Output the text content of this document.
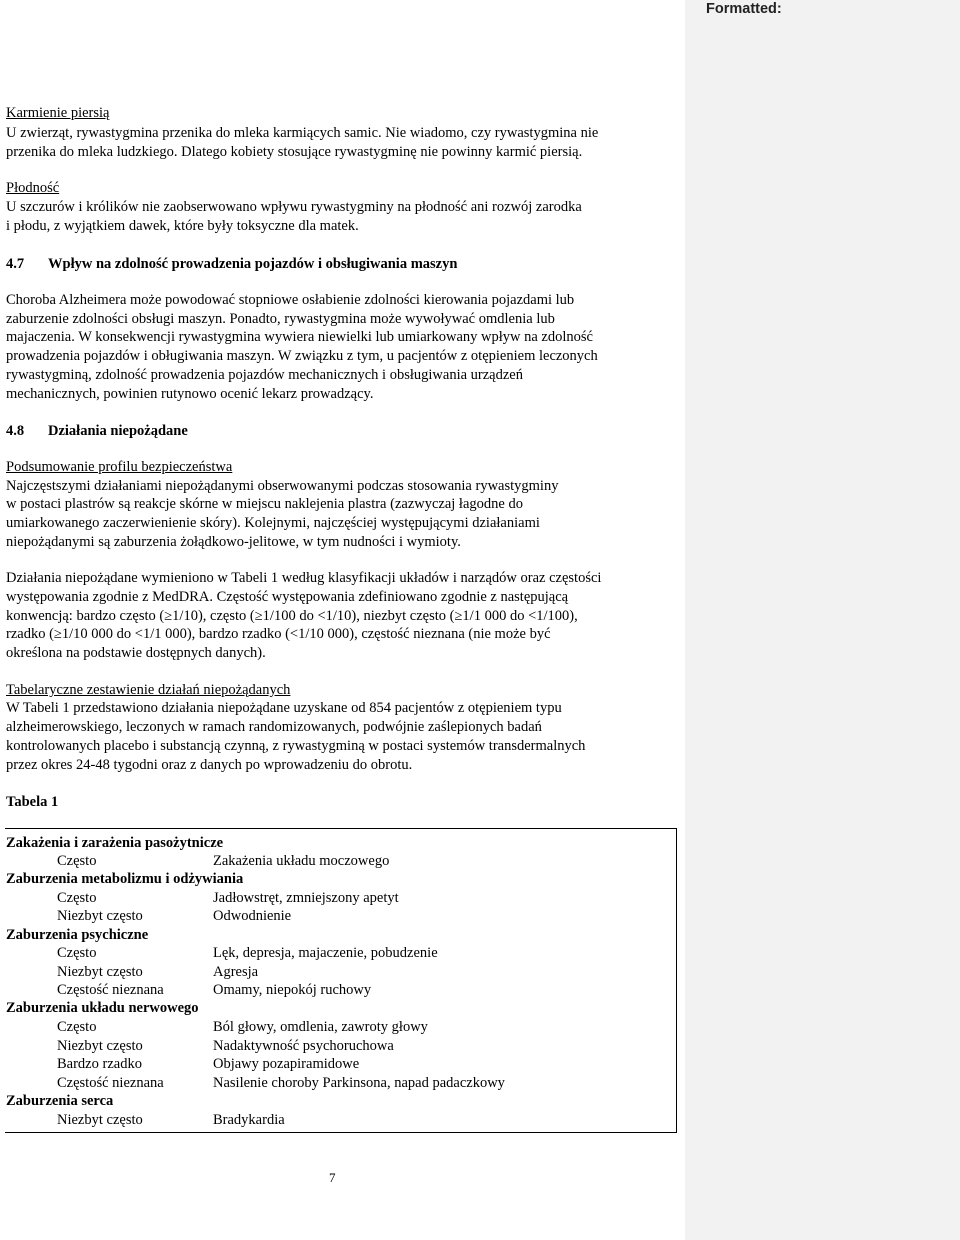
Karmienie piersią
U zwierząt, rywastygmina przenika do mleka karmiących samic. Nie wiadomo, czy rywastygmina nie
przenika do mleka ludzkiego. Dlatego kobiety stosujące rywastygminę nie powinny karmić piersią.
Płodność
U szczurów i królików nie zaobserwowano wpływu rywastygminy na płodność ani rozwój zarodka
i płodu, z wyjątkiem dawek, które były toksyczne dla matek.
4.7 Wpływ na zdolność prowadzenia pojazdów i obsługiwania maszyn
Choroba Alzheimera może powodować stopniowe osłabienie zdolności kierowania pojazdami lub
zaburzenie zdolności obsługi maszyn. Ponadto, rywastygmina może wywoływać omdlenia lub
majaczenia. W konsekwencji rywastygmina wywiera niewielki lub umiarkowany wpływ na zdolność
prowadzenia pojazdów i obługiwania maszyn. W związku z tym, u pacjentów z otępieniem leczonych
rywastygminą, zdolność prowadzenia pojazdów mechanicznych i obsługiwania urządzeń
mechanicznych, powinien rutynowo ocenić lekarz prowadzący.
4.8 Działania niepożądane
Podsumowanie profilu bezpieczeństwa
Najczęstszymi działaniami niepożądanymi obserwowanymi podczas stosowania rywastygminy
w postaci plastrów są reakcje skórne w miejscu naklejenia plastra (zazwyczaj łagodne do
umiarkowanego zaczerwienienie skóry). Kolejnymi, najczęściej występującymi działaniami
niepożądanymi są zaburzenia żołądkowo-jelitowe, w tym nudności i wymioty.
Działania niepożądane wymieniono w Tabeli 1 według klasyfikacji układów i narządów oraz częstości
występowania zgodnie z MedDRA. Częstość występowania zdefiniowano zgodnie z następującą
konwencją: bardzo często (≥1/10), często (≥1/100 do <1/10), niezbyt często (≥1/1 000 do <1/100),
rzadko (≥1/10 000 do <1/1 000), bardzo rzadko (<1/10 000), częstość nieznana (nie może być
określona na podstawie dostępnych danych).
Tabelaryczne zestawienie działań niepożądanych
W Tabeli 1 przedstawiono działania niepożądane uzyskane od 854 pacjentów z otępieniem typu
alzheimerowskiego, leczonych w ramach randomizowanych, podwójnie zaślepionych badań
kontrolowanych placebo i substancją czynną, z rywastygminą w postaci systemów transdermalnych
przez okres 24-48 tygodni oraz z danych po wprowadzeniu do obrotu.
Tabela 1
Zakażenia i zarażenia pasożytnicze
Często	Zakażenia układu moczowego
Zaburzenia metabolizmu i odżywiania
Często	Jadłowstręt, zmniejszony apetyt
Niezbyt często	Odwodnienie
Zaburzenia psychiczne
Często	Lęk, depresja, majaczenie, pobudzenie
Niezbyt często	Agresja
Częstość nieznana	Omamy, niepokój ruchowy
Zaburzenia układu nerwowego
Często	Ból głowy, omdlenia, zawroty głowy
Niezbyt często	Nadaktywność psychoruchowa
Bardzo rzadko	Objawy pozapiramidowe
Częstość nieznana	Nasilenie choroby Parkinsona, napad padaczkowy
Zaburzenia serca
Niezbyt często	Bradykardia
7
Formatted:
